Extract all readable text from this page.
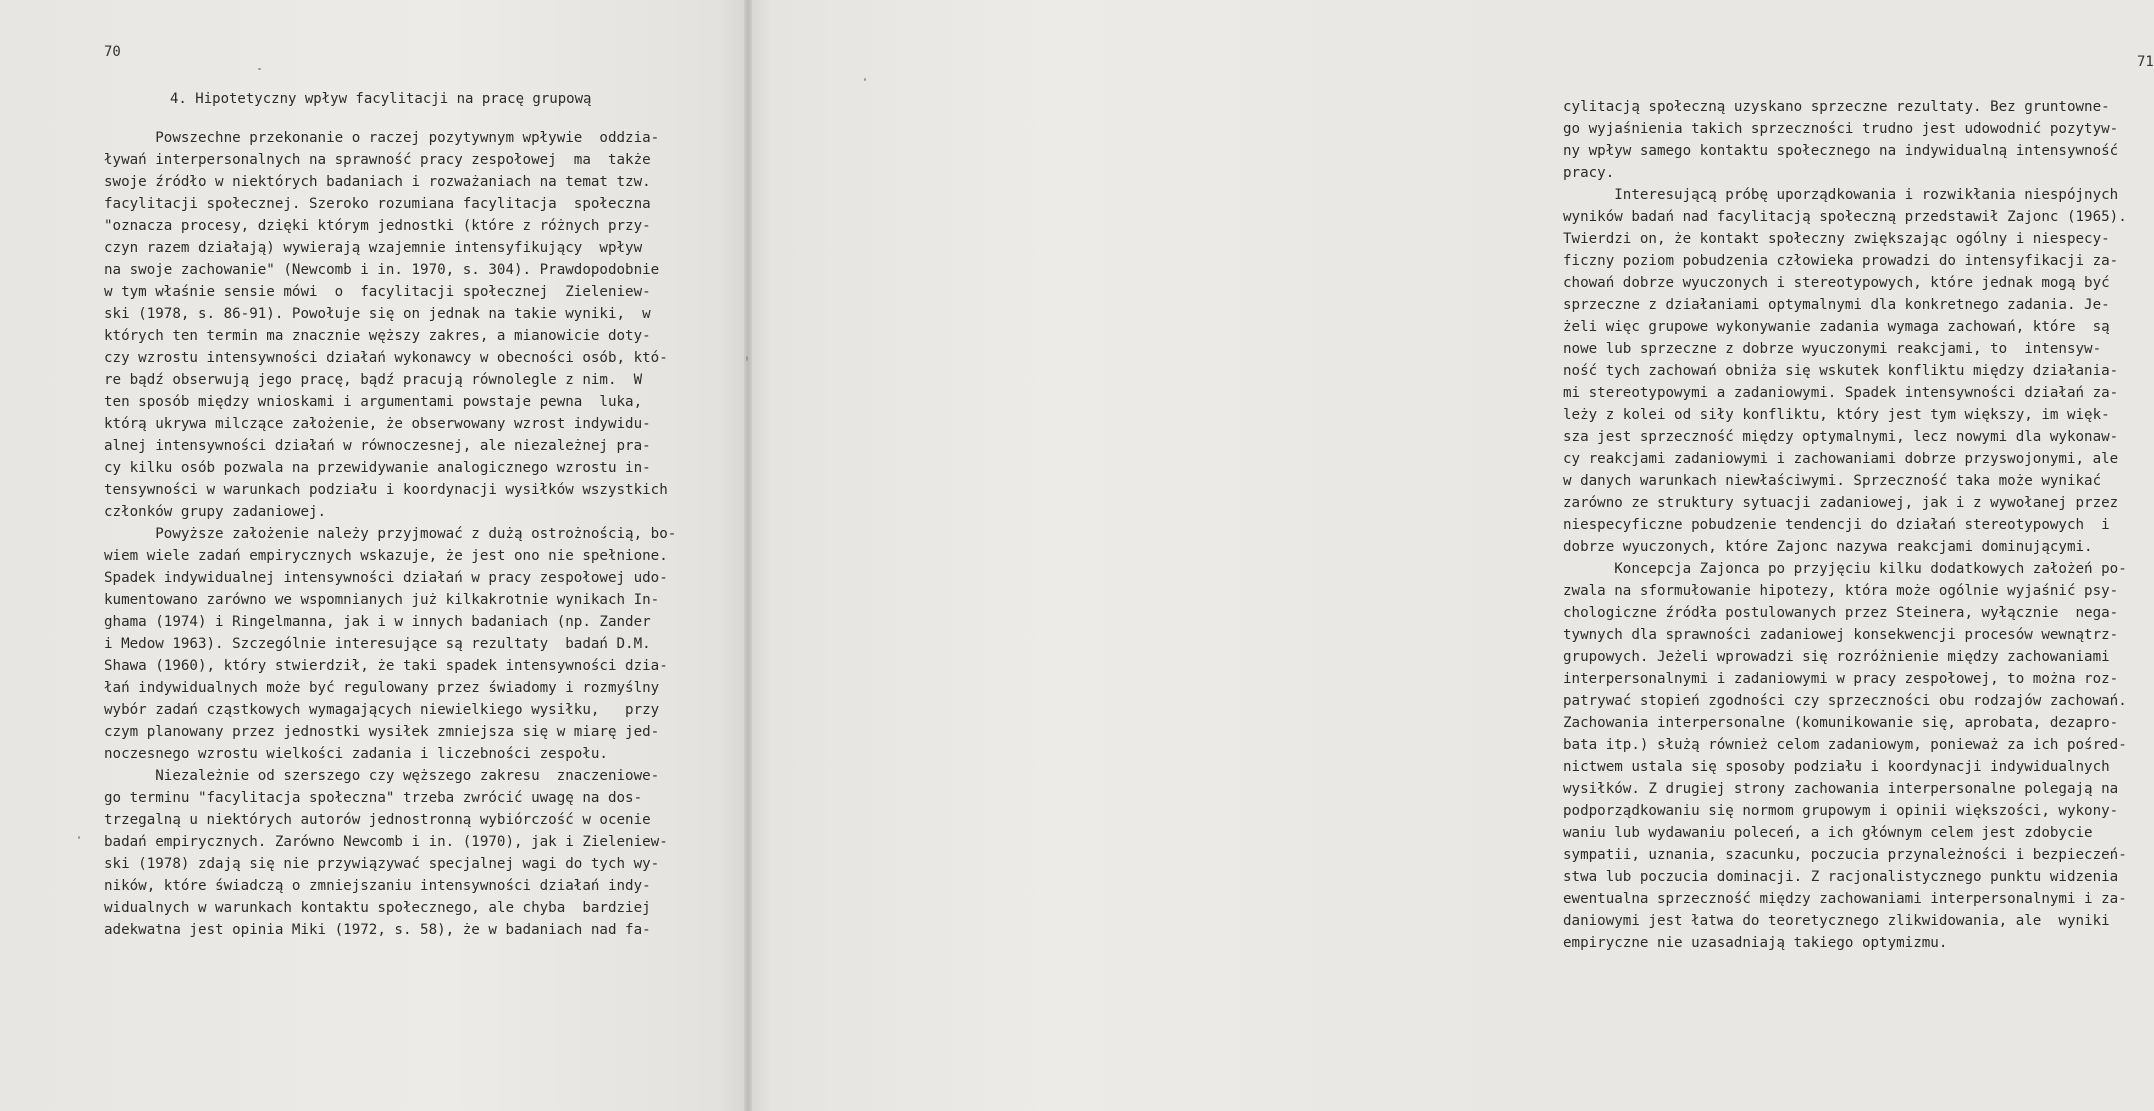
70
4. Hipotetyczny wpływ facylitacji na pracę grupową
Powszechne przekonanie o raczej pozytywnym wpływie  oddzia-
ływań interpersonalnych na sprawność pracy zespołowej  ma  także
swoje źródło w niektórych badaniach i rozważaniach na temat tzw.
facylitacji społecznej. Szeroko rozumiana facylitacja  społeczna
"oznacza procesy, dzięki którym jednostki (które z różnych przy-
czyn razem działają) wywierają wzajemnie intensyfikujący  wpływ
na swoje zachowanie" (Newcomb i in. 1970, s. 304). Prawdopodobnie
w tym właśnie sensie mówi  o  facylitacji społecznej  Zieleniew-
ski (1978, s. 86-91). Powołuje się on jednak na takie wyniki,  w
których ten termin ma znacznie węższy zakres, a mianowicie doty-
czy wzrostu intensywności działań wykonawcy w obecności osób, któ-
re bądź obserwują jego pracę, bądź pracują równolegle z nim.  W
ten sposób między wnioskami i argumentami powstaje pewna  luka,
którą ukrywa milczące założenie, że obserwowany wzrost indywidu-
alnej intensywności działań w równoczesnej, ale niezależnej pra-
cy kilku osób pozwala na przewidywanie analogicznego wzrostu in-
tensywności w warunkach podziału i koordynacji wysiłków wszystkich
członków grupy zadaniowej.
Powyższe założenie należy przyjmować z dużą ostrożnością, bo-
wiem wiele zadań empirycznych wskazuje, że jest ono nie spełnione.
Spadek indywidualnej intensywności działań w pracy zespołowej udo-
kumentowano zarówno we wspomnianych już kilkakrotnie wynikach In-
ghama (1974) i Ringelmanna, jak i w innych badaniach (np. Zander
i Medow 1963). Szczególnie interesujące są rezultaty  badań D.M.
Shawa (1960), który stwierdził, że taki spadek intensywności dzia-
łań indywidualnych może być regulowany przez świadomy i rozmyślny
wybór zadań cząstkowych wymagających niewielkiego wysiłku,   przy
czym planowany przez jednostki wysiłek zmniejsza się w miarę jed-
noczesnego wzrostu wielkości zadania i liczebności zespołu.
Niezależnie od szerszego czy węższego zakresu  znaczeniowe-
go terminu "facylitacja społeczna" trzeba zwrócić uwagę na dos-
trzegalną u niektórych autorów jednostronną wybiórczość w ocenie
badań empirycznych. Zarówno Newcomb i in. (1970), jak i Zieleniew-
ski (1978) zdają się nie przywiązywać specjalnej wagi do tych wy-
ników, które świadczą o zmniejszaniu intensywności działań indy-
widualnych w warunkach kontaktu społecznego, ale chyba  bardziej
adekwatna jest opinia Miki (1972, s. 58), że w badaniach nad fa-
71
cylitacją społeczną uzyskano sprzeczne rezultaty. Bez gruntowne-
go wyjaśnienia takich sprzeczności trudno jest udowodnić pozytyw-
ny wpływ samego kontaktu społecznego na indywidualną intensywność
pracy.
Interesującą próbę uporządkowania i rozwikłania niespójnych
wyników badań nad facylitacją społeczną przedstawił Zajonc (1965).
Twierdzi on, że kontakt społeczny zwiększając ogólny i niespecy-
ficzny poziom pobudzenia człowieka prowadzi do intensyfikacji za-
chowań dobrze wyuczonych i stereotypowych, które jednak mogą być
sprzeczne z działaniami optymalnymi dla konkretnego zadania. Je-
żeli więc grupowe wykonywanie zadania wymaga zachowań, które  są
nowe lub sprzeczne z dobrze wyuczonymi reakcjami, to  intensyw-
ność tych zachowań obniża się wskutek konfliktu między działania-
mi stereotypowymi a zadaniowymi. Spadek intensywności działań za-
leży z kolei od siły konfliktu, który jest tym większy, im więk-
sza jest sprzeczność między optymalnymi, lecz nowymi dla wykonaw-
cy reakcjami zadaniowymi i zachowaniami dobrze przyswojonymi, ale
w danych warunkach niewłaściwymi. Sprzeczność taka może wynikać
zarówno ze struktury sytuacji zadaniowej, jak i z wywołanej przez
niespecyficzne pobudzenie tendencji do działań stereotypowych  i
dobrze wyuczonych, które Zajonc nazywa reakcjami dominującymi.
Koncepcja Zajonca po przyjęciu kilku dodatkowych założeń po-
zwala na sformułowanie hipotezy, która może ogólnie wyjaśnić psy-
chologiczne źródła postulowanych przez Steinera, wyłącznie  nega-
tywnych dla sprawności zadaniowej konsekwencji procesów wewnątrz-
grupowych. Jeżeli wprowadzi się rozróżnienie między zachowaniami
interpersonalnymi i zadaniowymi w pracy zespołowej, to można roz-
patrywać stopień zgodności czy sprzeczności obu rodzajów zachowań.
Zachowania interpersonalne (komunikowanie się, aprobata, dezapro-
bata itp.) służą również celom zadaniowym, ponieważ za ich pośred-
nictwem ustala się sposoby podziału i koordynacji indywidualnych
wysiłków. Z drugiej strony zachowania interpersonalne polegają na
podporządkowaniu się normom grupowym i opinii większości, wykony-
waniu lub wydawaniu poleceń, a ich głównym celem jest zdobycie
sympatii, uznania, szacunku, poczucia przynależności i bezpieczeń-
stwa lub poczucia dominacji. Z racjonalistycznego punktu widzenia
ewentualna sprzeczność między zachowaniami interpersonalnymi i za-
daniowymi jest łatwa do teoretycznego zlikwidowania, ale  wyniki
empiryczne nie uzasadniają takiego optymizmu.
